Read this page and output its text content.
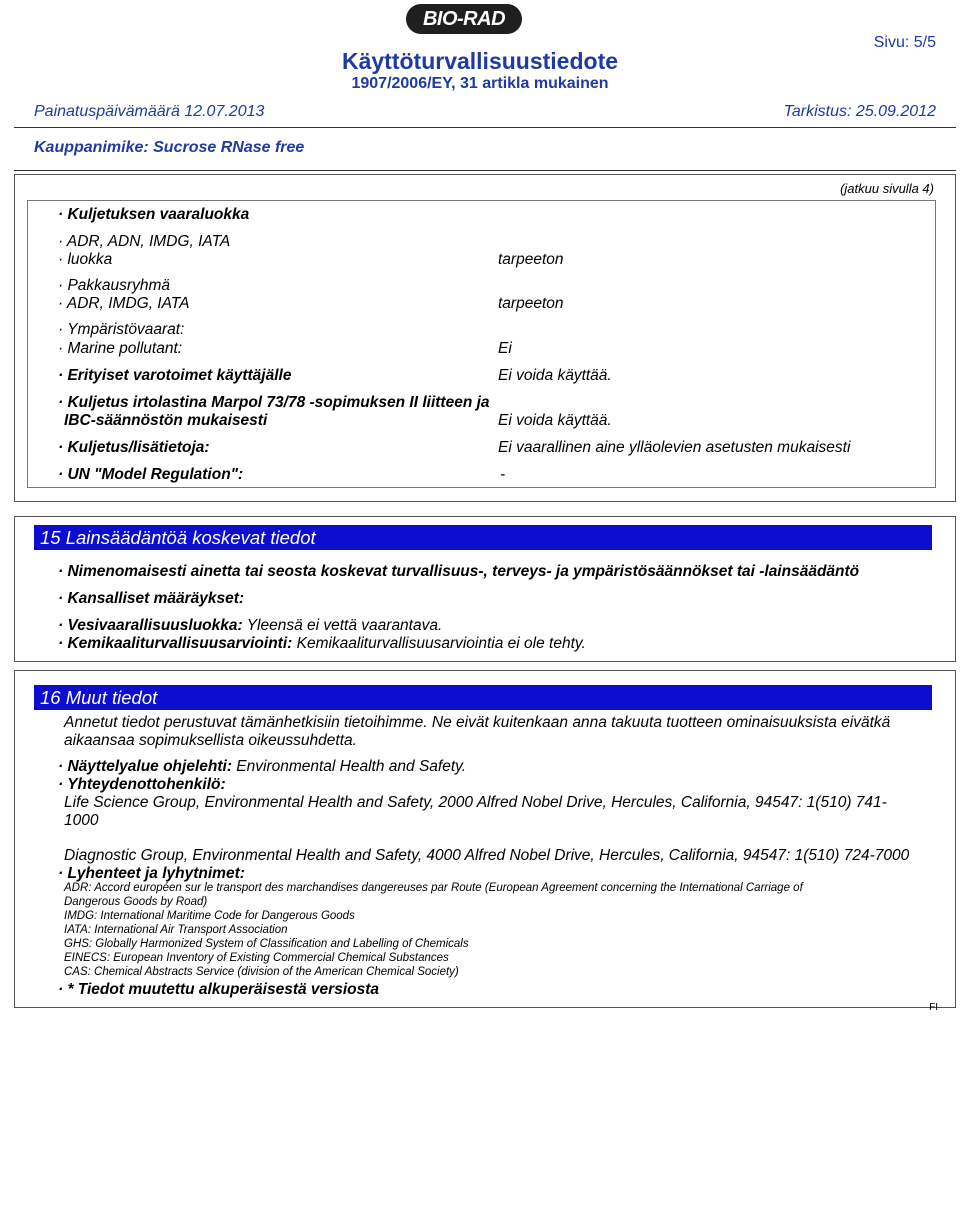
BIO-RAD
Käyttöturvallisuustiedote
1907/2006/EY, 31 artikla mukainen
Sivu: 5/5
Painatuspäivämäärä 12.07.2013	Tarkistus: 25.09.2012
Kauppanimike: Sucrose RNase free
(jatkuu sivulla 4)
· Kuljetuksen vaaraluokka
· ADR, ADN, IMDG, IATA
· luokka	tarpeeton
· Pakkausryhmä
· ADR, IMDG, IATA	tarpeeton
· Ympäristövaarat:
· Marine pollutant:	Ei
· Erityiset varotoimet käyttäjälle	Ei voida käyttää.
· Kuljetus irtolastina Marpol 73/78 -sopimuksen II liitteen ja
IBC-säännöstön mukaisesti	Ei voida käyttää.
· Kuljetus/lisätietoja:	Ei vaarallinen aine ylläolevien asetusten mukaisesti
· UN "Model Regulation":	-
15 Lainsäädäntöä koskevat tiedot
· Nimenomaisesti ainetta tai seosta koskevat turvallisuus-, terveys- ja ympäristösäännökset tai -lainsäädäntö
· Kansalliset määräykset:
· Vesivaarallisuusluokka: Yleensä ei vettä vaarantava.
· Kemikaaliturvallisuusarviointi: Kemikaaliturvallisuusarviointia ei ole tehty.
16 Muut tiedot
Annetut tiedot perustuvat tämänhetkisiin tietoihimme. Ne eivät kuitenkaan anna takuuta tuotteen ominaisuuksista eivätkä
aikaansaa sopimuksellista oikeussuhdetta.
· Näyttelyalue ohjelehti: Environmental Health and Safety.
· Yhteydenottohenkilö:
Life Science Group, Environmental Health and Safety, 2000 Alfred Nobel Drive, Hercules, California, 94547: 1(510) 741-
1000
Diagnostic Group, Environmental Health and Safety, 4000 Alfred Nobel Drive, Hercules, California, 94547: 1(510) 724-7000
· Lyhenteet ja lyhytnimet:
ADR: Accord européen sur le transport des marchandises dangereuses par Route (European Agreement concerning the International Carriage of
Dangerous Goods by Road)
IMDG: International Maritime Code for Dangerous Goods
IATA: International Air Transport Association
GHS: Globally Harmonized System of Classification and Labelling of Chemicals
EINECS: European Inventory of Existing Commercial Chemical Substances
CAS: Chemical Abstracts Service (division of the American Chemical Society)
· * Tiedot muutettu alkuperäisestä versiosta
FI
